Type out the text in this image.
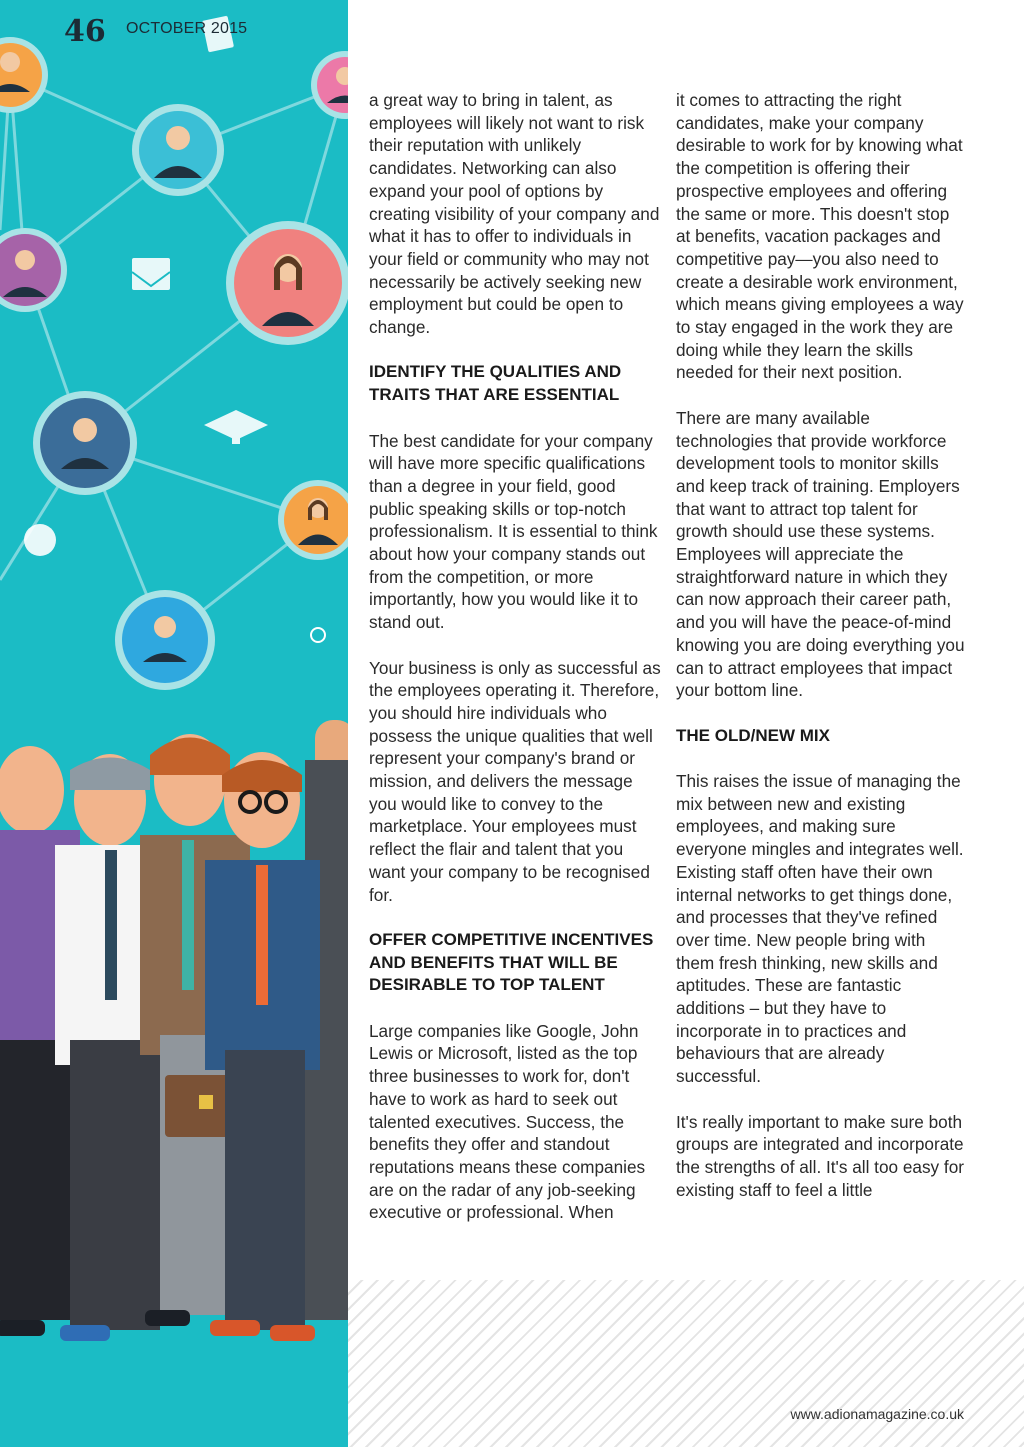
46 OCTOBER 2015

a great way to bring in talent, as employees will likely not want to risk their reputation with unlikely candidates. Networking can also expand your pool of options by creating visibility of your company and what it has to offer to individuals in your field or community who may not necessarily be actively seeking new employment but could be open to change.

IDENTIFY THE QUALITIES AND TRAITS THAT ARE ESSENTIAL

The best candidate for your company will have more specific qualifications than a degree in your field, good public speaking skills or top-notch professionalism. It is essential to think about how your company stands out from the competition, or more importantly, how you would like it to stand out.

Your business is only as successful as the employees operating it. Therefore, you should hire individuals who possess the unique qualities that well represent your company's brand or mission, and delivers the message you would like to convey to the marketplace. Your employees must reflect the flair and talent that you want your company to be recognised for.

OFFER COMPETITIVE INCENTIVES AND BENEFITS THAT WILL BE DESIRABLE TO TOP TALENT

Large companies like Google, John Lewis or Microsoft, listed as the top three businesses to work for, don't have to work as hard to seek out talented executives. Success, the benefits they offer and standout reputations means these companies are on the radar of any job-seeking executive or professional. When

it comes to attracting the right candidates, make your company desirable to work for by knowing what the competition is offering their prospective employees and offering the same or more. This doesn't stop at benefits, vacation packages and competitive pay—you also need to create a desirable work environment, which means giving employees a way to stay engaged in the work they are doing while they learn the skills needed for their next position.

There are many available technologies that provide workforce development tools to monitor skills and keep track of training. Employers that want to attract top talent for growth should use these systems. Employees will appreciate the straightforward nature in which they can now approach their career path, and you will have the peace-of-mind knowing you are doing everything you can to attract employees that impact your bottom line.

THE OLD/NEW MIX

This raises the issue of managing the mix between new and existing employees, and making sure everyone mingles and integrates well. Existing staff often have their own internal networks to get things done, and processes that they've refined over time. New people bring with them fresh thinking, new skills and aptitudes. These are fantastic additions – but they have to incorporate in to practices and behaviours that are already successful.

It's really important to make sure both groups are integrated and incorporate the strengths of all. It's all too easy for existing staff to feel a little

www.adionamagazine.co.uk
